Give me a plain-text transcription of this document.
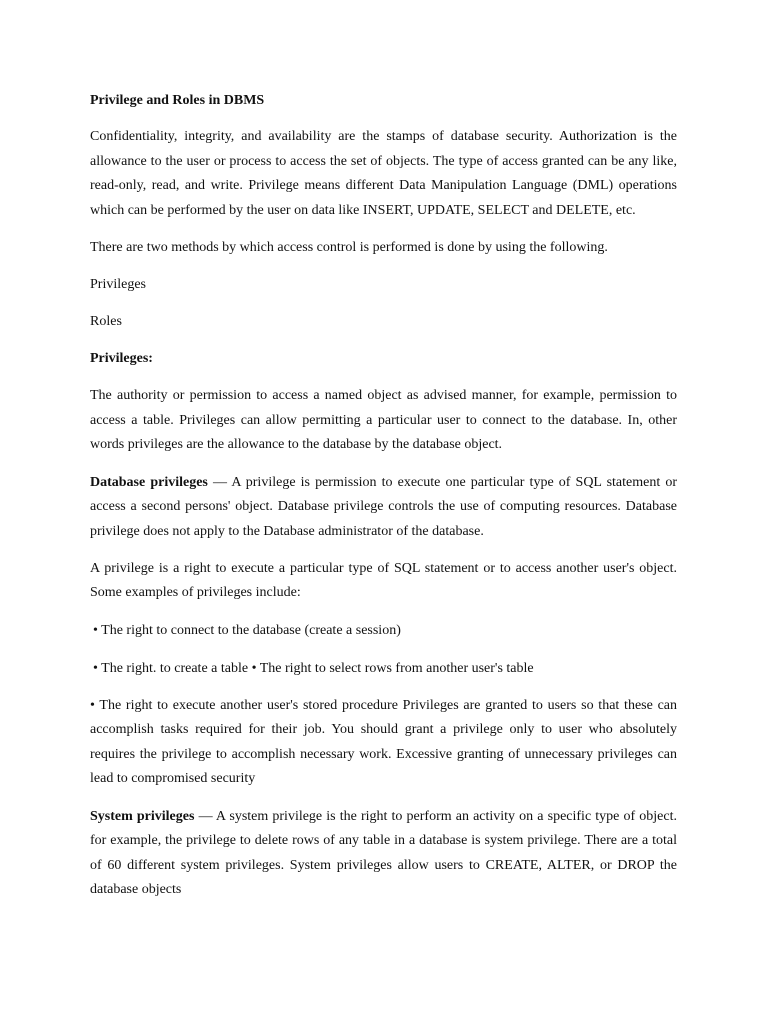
Privilege and Roles in DBMS

Confidentiality, integrity, and availability are the stamps of database security. Authorization is the allowance to the user or process to access the set of objects. The type of access granted can be any like, read-only, read, and write. Privilege means different Data Manipulation Language (DML) operations which can be performed by the user on data like INSERT, UPDATE, SELECT and DELETE, etc.

There are two methods by which access control is performed is done by using the following.

Privileges

Roles

Privileges:

The authority or permission to access a named object as advised manner, for example, permission to access a table. Privileges can allow permitting a particular user to connect to the database. In, other words privileges are the allowance to the database by the database object.

Database privileges — A privilege is permission to execute one particular type of SQL statement or access a second persons' object. Database privilege controls the use of computing resources. Database privilege does not apply to the Database administrator of the database.

A privilege is a right to execute a particular type of SQL statement or to access another user's object. Some examples of privileges include:

• The right to connect to the database (create a session)

• The right. to create a table • The right to select rows from another user's table

• The right to execute another user's stored procedure Privileges are granted to users so that these can accomplish tasks required for their job. You should grant a privilege only to user who absolutely requires the privilege to accomplish necessary work. Excessive granting of unnecessary privileges can lead to compromised security

System privileges — A system privilege is the right to perform an activity on a specific type of object. for example, the privilege to delete rows of any table in a database is system privilege. There are a total of 60 different system privileges. System privileges allow users to CREATE, ALTER, or DROP the database objects
